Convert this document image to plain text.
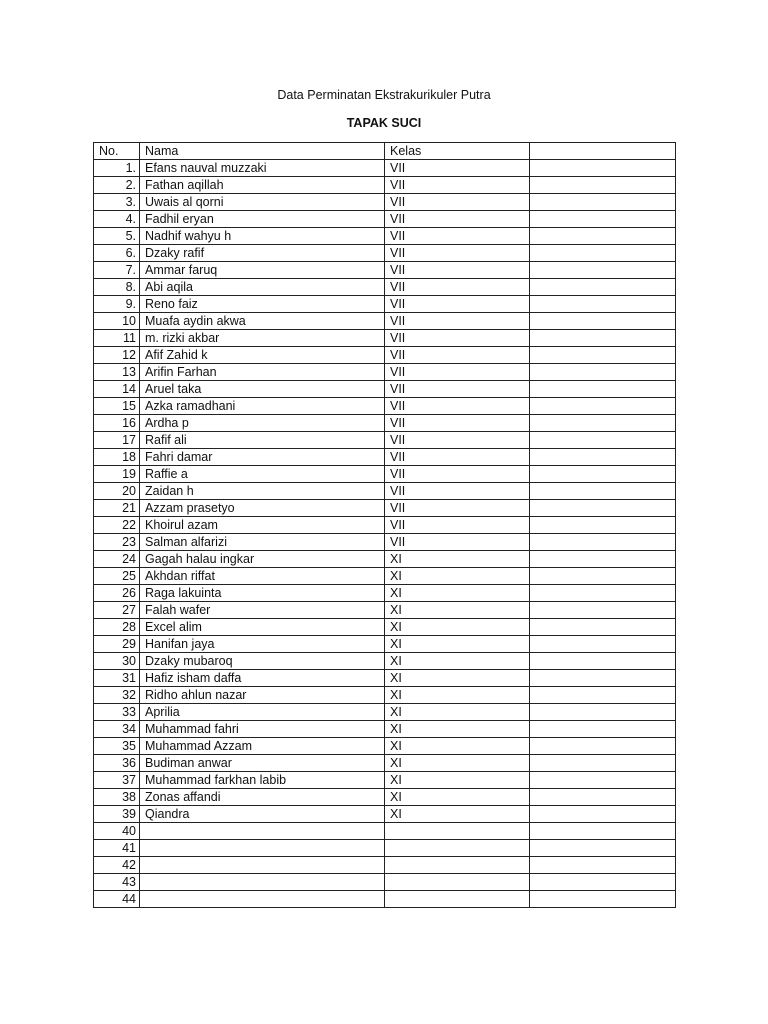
Data Perminatan Ekstrakurikuler Putra
TAPAK SUCI
No.	Nama	Kelas	
1.	Efans nauval muzzaki	VII	
2.	Fathan aqillah	VII	
3.	Uwais al qorni	VII	
4.	Fadhil eryan	VII	
5.	Nadhif wahyu h	VII	
6.	Dzaky rafif	VII	
7.	Ammar faruq	VII	
8.	Abi aqila	VII	
9.	Reno faiz	VII	
10	Muafa aydin akwa	VII	
11	m. rizki akbar	VII	
12	Afif Zahid k	VII	
13	Arifin Farhan	VII	
14	Aruel taka	VII	
15	Azka ramadhani	VII	
16	Ardha p	VII	
17	Rafif ali	VII	
18	Fahri damar	VII	
19	Raffie a	VII	
20	Zaidan h	VII	
21	Azzam prasetyo	VII	
22	Khoirul azam	VII	
23	Salman alfarizi	VII	
24	Gagah halau ingkar	XI	
25	Akhdan riffat	XI	
26	Raga lakuinta	XI	
27	Falah wafer	XI	
28	Excel alim	XI	
29	Hanifan jaya	XI	
30	Dzaky mubaroq	XI	
31	Hafiz isham daffa	XI	
32	Ridho ahlun nazar	XI	
33	Aprilia	XI	
34	Muhammad fahri	XI	
35	Muhammad Azzam	XI	
36	Budiman anwar	XI	
37	Muhammad farkhan labib	XI	
38	Zonas affandi	XI	
39	Qiandra	XI	
40			
41			
42			
43			
44			
